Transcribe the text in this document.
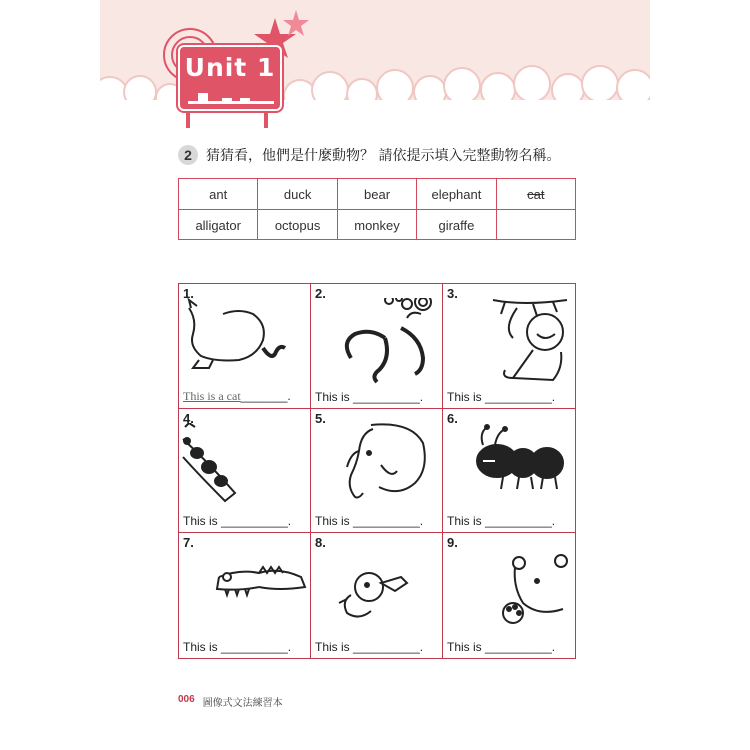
Unit 1
2	猜猜看，他們是什麼動物？ 請依提示填入完整動物名稱。
ant	duck	bear	elephant	cat
alligator	octopus	monkey	giraffe
1.
This is a cat_______.
2.
This is __________.
3.
This is __________.
4.
This is __________.
5.
This is __________.
6.
This is __________.
7.
This is __________.
8.
This is __________.
9.
This is __________.
006 圖像式文法練習本
